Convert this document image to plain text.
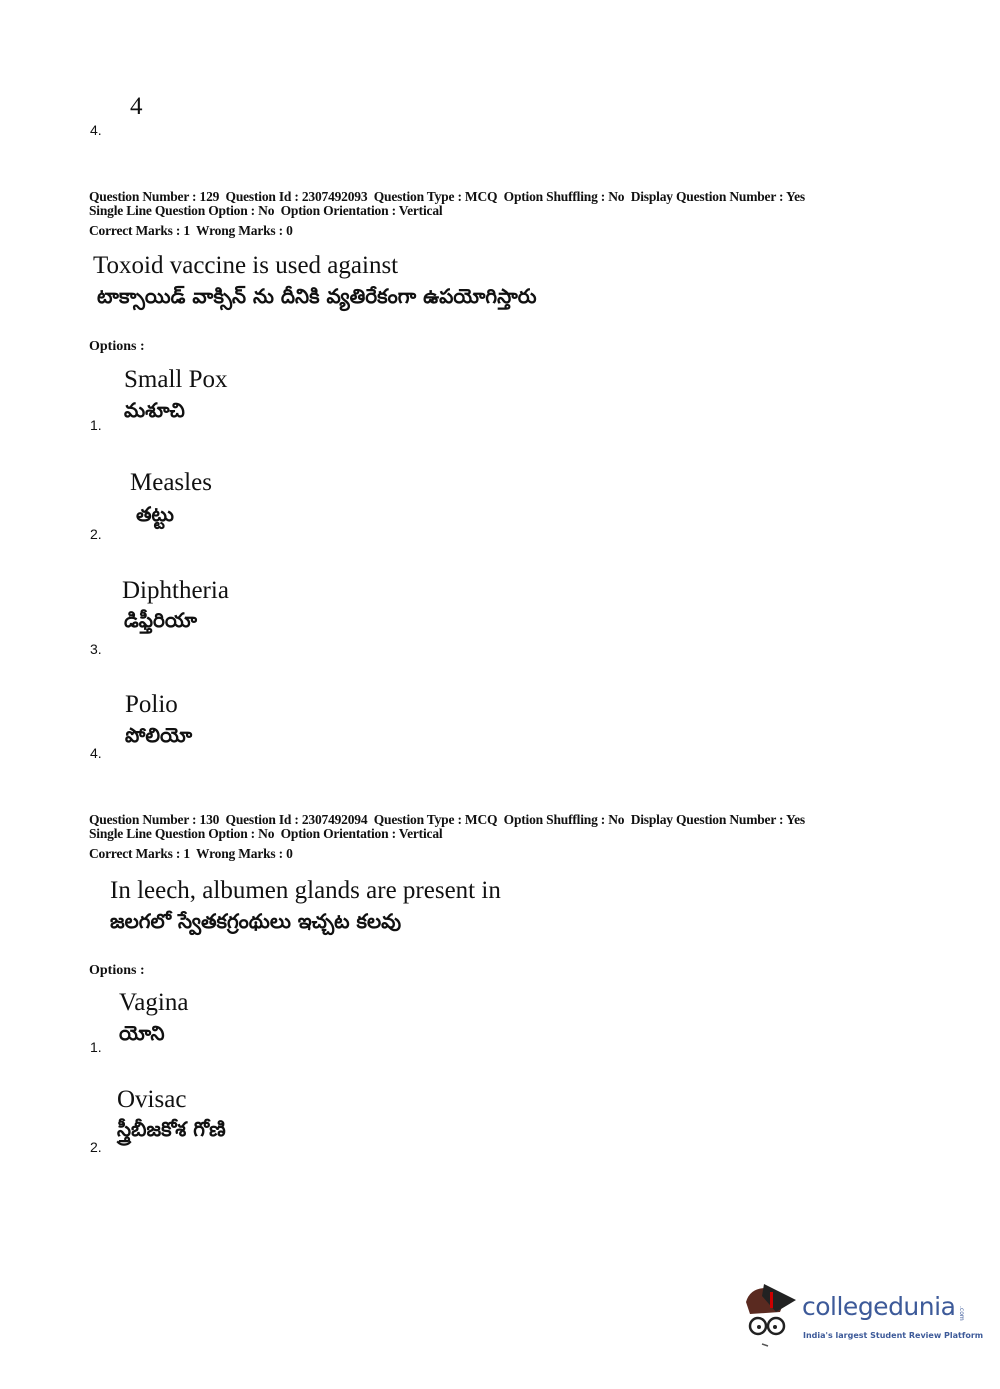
4
4.
Question Number : 129  Question Id : 2307492093  Question Type : MCQ  Option Shuffling : No  Display Question Number : Yes
Single Line Question Option : No  Option Orientation : Vertical
Correct Marks : 1  Wrong Marks : 0
Toxoid vaccine is used against
టాక్సాయిడ్ వాక్సిన్ ను దీనికి వ్యతిరేకంగా ఉపయోగిస్తారు
Options :
Small Pox
మశూచి
1.
Measles
తట్టు
2.
Diphtheria
డిఫ్తీరియా
3.
Polio
పోలియో
4.
Question Number : 130  Question Id : 2307492094  Question Type : MCQ  Option Shuffling : No  Display Question Number : Yes
Single Line Question Option : No  Option Orientation : Vertical
Correct Marks : 1  Wrong Marks : 0
In leech, albumen glands are present in
జలగలో స్వేతకగ్రంథులు ఇచ్చట కలవు
Options :
Vagina
యోని
1.
Ovisac
స్త్రీబీజకోశ గోణి
2.
collegedunia .com
India's largest Student Review Platform
